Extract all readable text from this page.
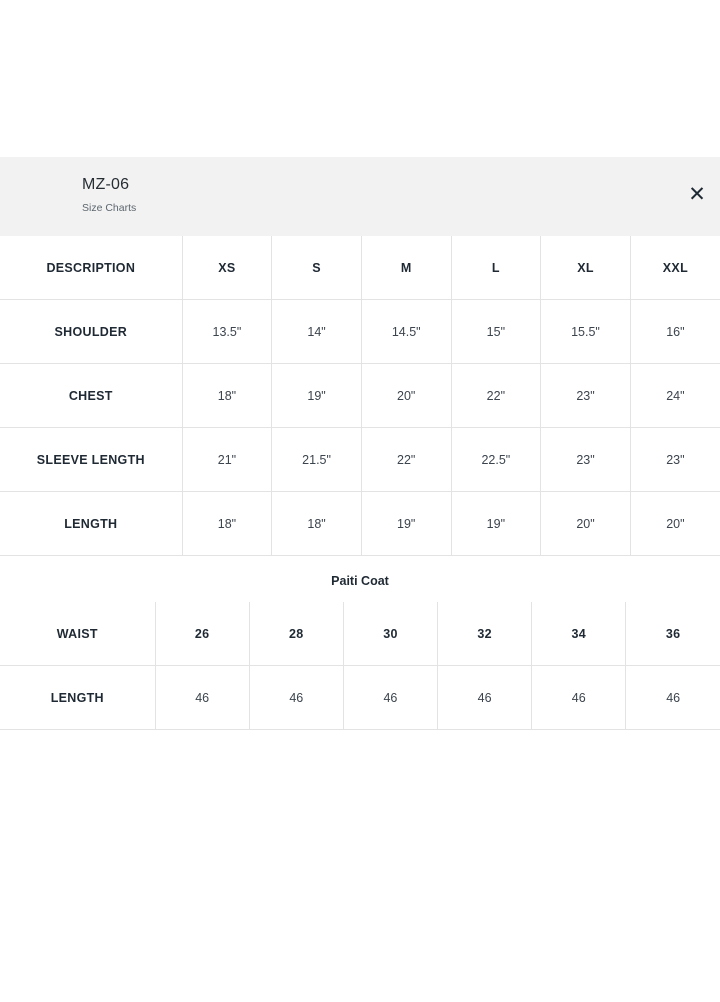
MZ-06
Size Charts
✕
DESCRIPTION	XS	S	M	L	XL	XXL
SHOULDER	13.5"	14"	14.5"	15"	15.5"	16"
CHEST	18"	19"	20"	22"	23"	24"
SLEEVE LENGTH	21"	21.5"	22"	22.5"	23"	23"
LENGTH	18"	18"	19"	19"	20"	20"
Paiti Coat
WAIST	26	28	30	32	34	36
LENGTH	46	46	46	46	46	46
